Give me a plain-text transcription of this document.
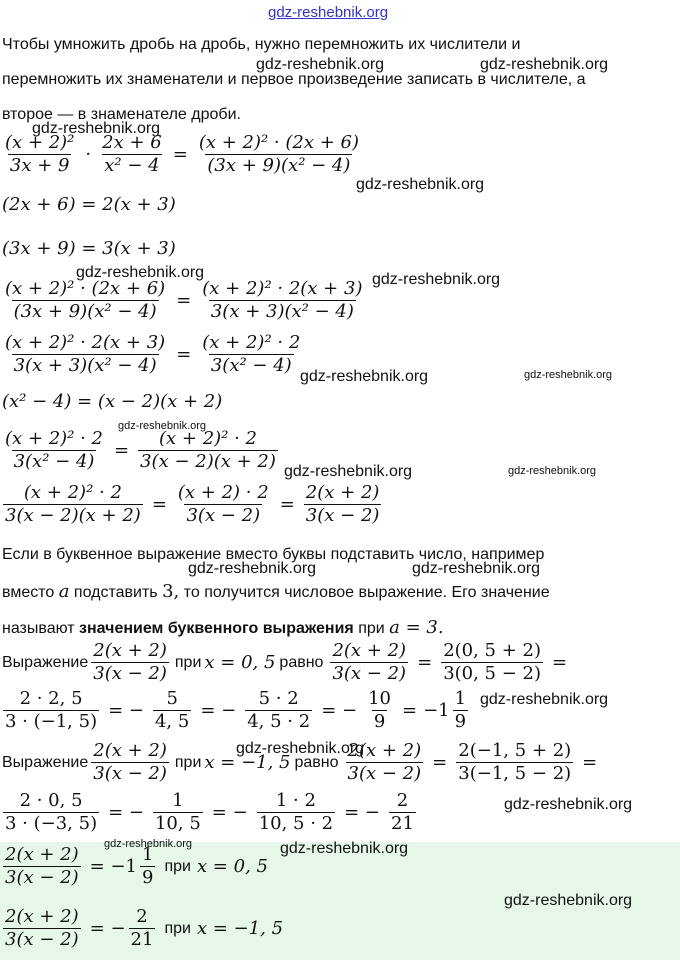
gdz-reshebnik.org
Чтобы умножить дробь на дробь, нужно перемножить их числители и
перемножить их знаменатели и первое произведение записать в числителе, а
второе — в знаменателе дроби.
$\frac{\text{(x + 2)²}}{3x + 9} \cdot \frac{2x + 6}{\text{x² − 4}} = \frac{\text{(x + 2)² · (2x + 6)}}{\text{(3x + 9)(x² − 4)}}$
(2x + 6) = 2(x + 3)
(3x + 9) = 3(x + 3)
$\frac{\text{(x + 2)² · (2x + 6)}}{\text{(3x + 9)(x² − 4)}} = \frac{\text{(x + 2)² · 2(x + 3)}}{\text{3(x + 3)(x² − 4)}}$
$\frac{\text{(x + 2)² · 2(x + 3)}}{\text{3(x + 3)(x² − 4)}} = \frac{\text{(x + 2)² · 2}}{\text{3(x² − 4)}}$
(x² − 4) = (x − 2)(x + 2)
$\frac{\text{(x + 2)² · 2}}{\text{3(x² − 4)}} = \frac{\text{(x + 2)² · 2}}{3(x - 2)(x + 2)}$
$\frac{\text{(x + 2)² · 2}}{3(x - 2)(x + 2)} = \frac{(x + 2) \cdot 2}{3(x - 2)} = \frac{2(x + 2)}{3(x - 2)}$
Если в буквенное выражение вместо буквы подставить число, например
вместо a подставить 3, то получится числовое выражение. Его значение
называют значением буквенного выражения при a = 3.
Выражение $\frac{2(x + 2)}{3(x - 2)}$ при x = 0, 5 равно $\frac{2(x + 2)}{3(x - 2)} = \frac{2(0, 5 + 2)}{3(0, 5 - 2)}$ =
$\frac{2 \cdot 2, 5}{3 \cdot (-1, 5)}$ = − $\frac{5}{4, 5}$ = − $\frac{5 \cdot 2}{4, 5 \cdot 2}$ = − $\frac{10}{9} = -1 \frac{1}{9}$
Выражение $\frac{2(x + 2)}{3(x - 2)}$ при x = −1, 5 равно $\frac{2(x + 2)}{3(x - 2)} = \frac{2(-1, 5 + 2)}{3(-1, 5 - 2)}$ =
$\frac{2 \cdot 0, 5}{3 \cdot (-3, 5)}$ = − $\frac{1}{10, 5}$ = − $\frac{1 \cdot 2}{10, 5 \cdot 2}$ = − $\frac{2}{21}$
$\frac{2(x + 2)}{3(x - 2)} = -1 \frac{1}{9}$ при x = 0, 5
$\frac{2(x + 2)}{3(x - 2)}$ = − $\frac{2}{21}$ при x = −1, 5
gdz-reshebnik.org	gdz-reshebnik.org
gdz-reshebnik.org
gdz-reshebnik.org
gdz-reshebnik.org	gdz-reshebnik.org
gdz-reshebnik.org	gdz-reshebnik.org
gdz-reshebnik.org
gdz-reshebnik.org	gdz-reshebnik.org
gdz-reshebnik.org	gdz-reshebnik.org
gdz-reshebnik.org
gdz-reshebnik.org
gdz-reshebnik.org
gdz-reshebnik.org	gdz-reshebnik.org
gdz-reshebnik.org
